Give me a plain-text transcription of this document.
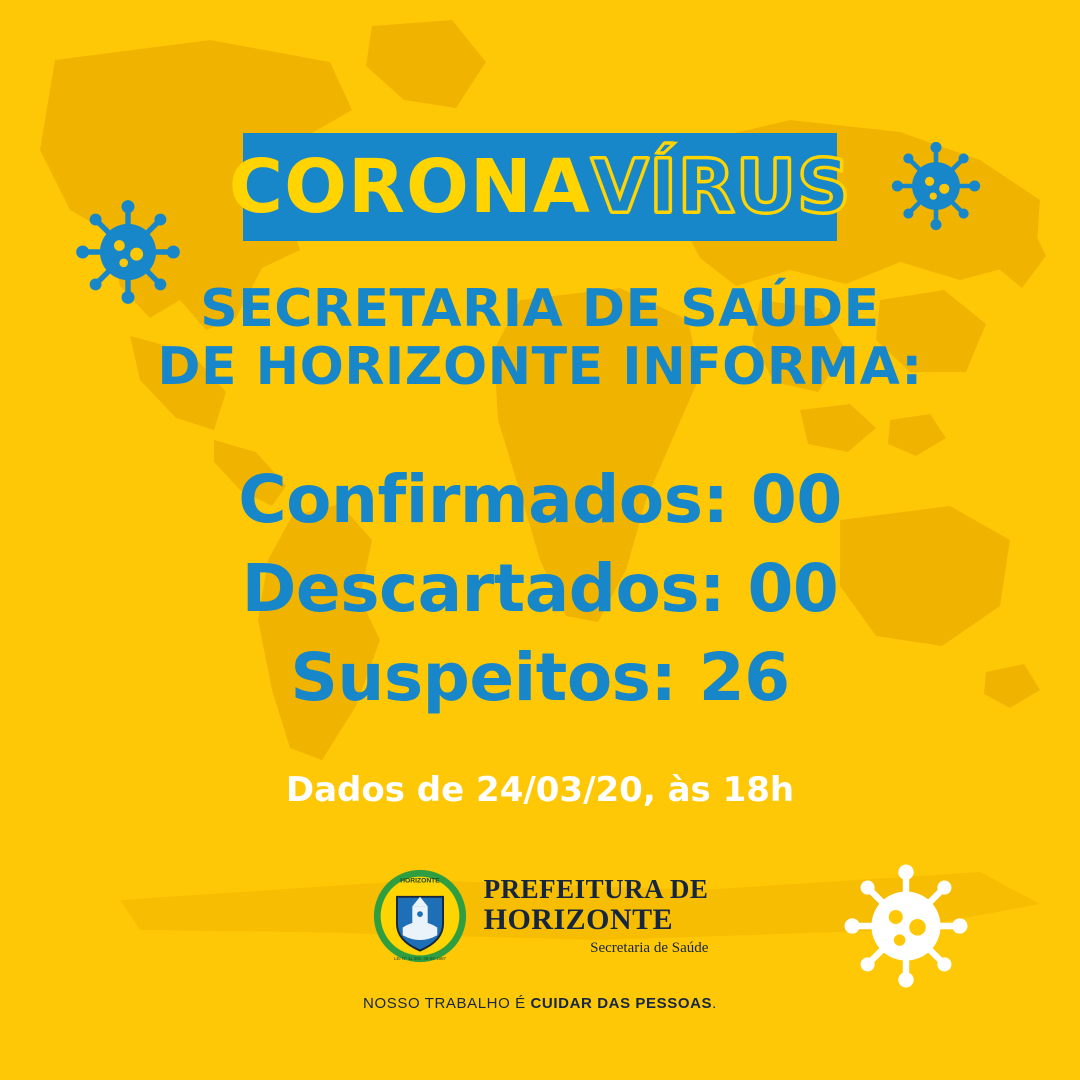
CORONA VÍRUS
SECRETARIA DE SAÚDE
DE HORIZONTE INFORMA:
Confirmados: 00
Descartados: 00
Suspeitos: 26
Dados de 24/03/20, às 18h
HORIZONTE
LEI Nº 11.300, 06-03-1987
PREFEITURA DE
HORIZONTE
Secretaria de Saúde
NOSSO TRABALHO É CUIDAR DAS PESSOAS.
